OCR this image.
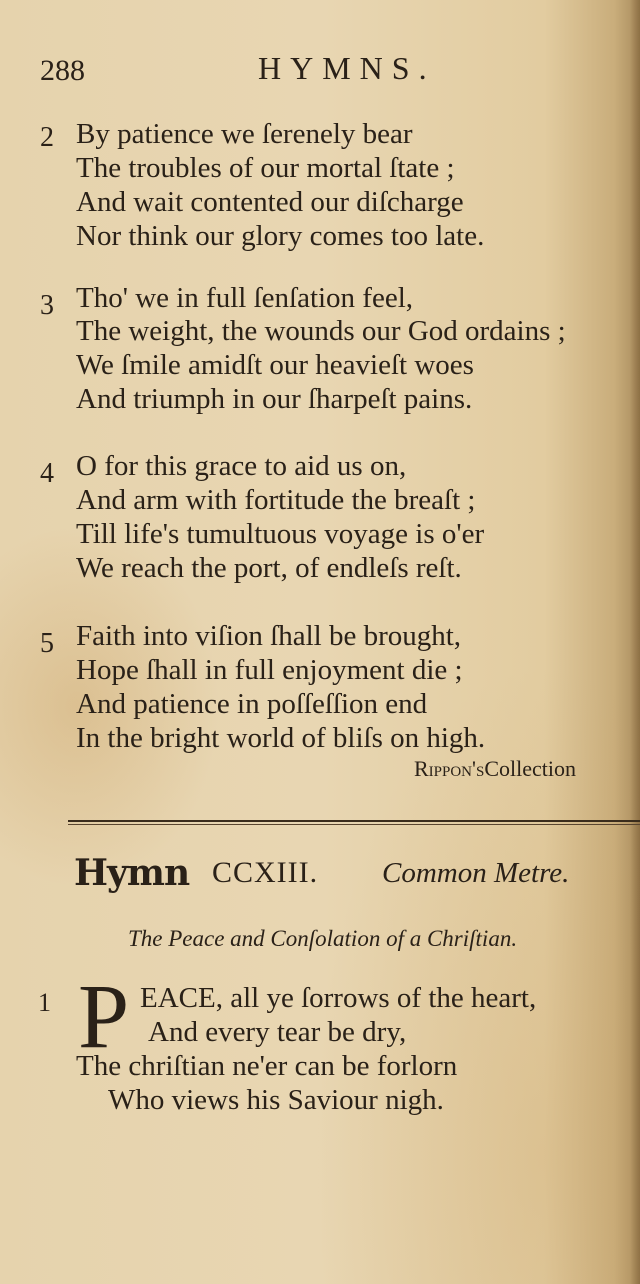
288	HYMNS.
2 By patience we ſerenely bear
The troubles of our mortal ſtate ;
And wait contented our diſcharge
Nor think our glory comes too late.
3 Tho' we in full ſenſation feel,
The weight, the wounds our God ordains ;
We ſmile amidſt our heavieſt woes
And triumph in our ſharpeſt pains.
4 O for this grace to aid us on,
And arm with fortitude the breaſt ;
Till life's tumultuous voyage is o'er
We reach the port, of endleſs reſt.
5 Faith into viſion ſhall be brought,
Hope ſhall in full enjoyment die ;
And patience in poſſeſſion end
In the bright world of bliſs on high.
Rippon'sCollection
Hymn CCXIII. Common Metre.
The Peace and Conſolation of a Chriſtian.
1 P EACE, all ye ſorrows of the heart,
And every tear be dry,
The chriſtian ne'er can be forlorn
Who views his Saviour nigh.
